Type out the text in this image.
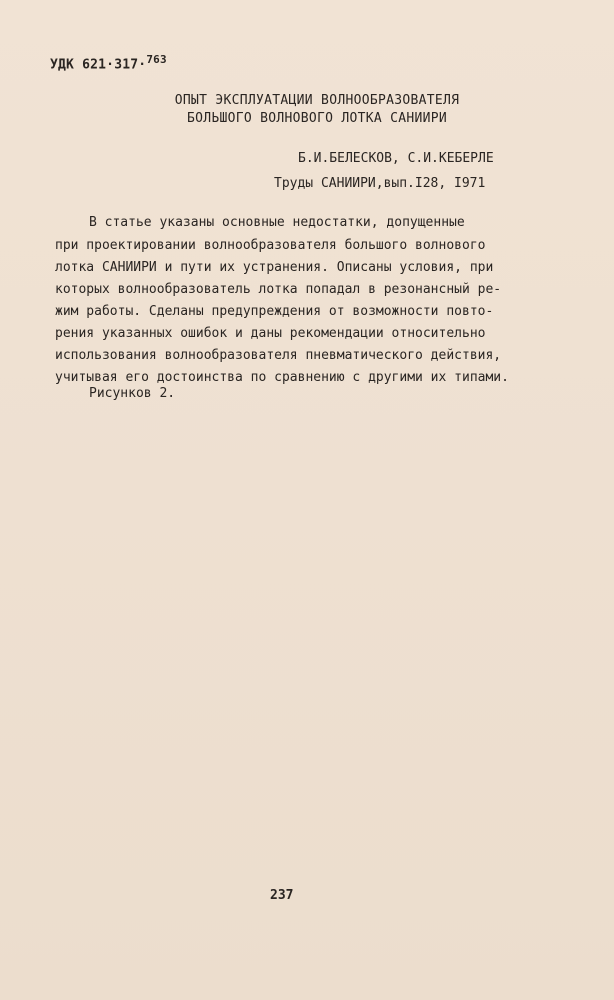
УДК 621·317·$^{763}$
ОПЫТ ЭКСПЛУАТАЦИИ ВОЛНООБРАЗОВАТЕЛЯ
БОЛЬШОГО ВОЛНОВОГО ЛОТКА САНИИРИ
Б.И.БЕЛЕСКОВ, С.И.КЕБЕРЛЕ
Труды САНИИРИ,вып.I28, I971
В статье указаны основные недостатки, допущенные
при проектировании волнообразователя большого волнового
лотка САНИИРИ и пути их устранения. Описаны условия, при
которых волнообразователь лотка попадал в резонансный ре-
жим работы. Сделаны предупреждения от возможности повто-
рения указанных ошибок и даны рекомендации относительно
использования волнообразователя пневматического действия,
учитывая его достоинства по сравнению с другими их типами.
Рисунков 2.
237
